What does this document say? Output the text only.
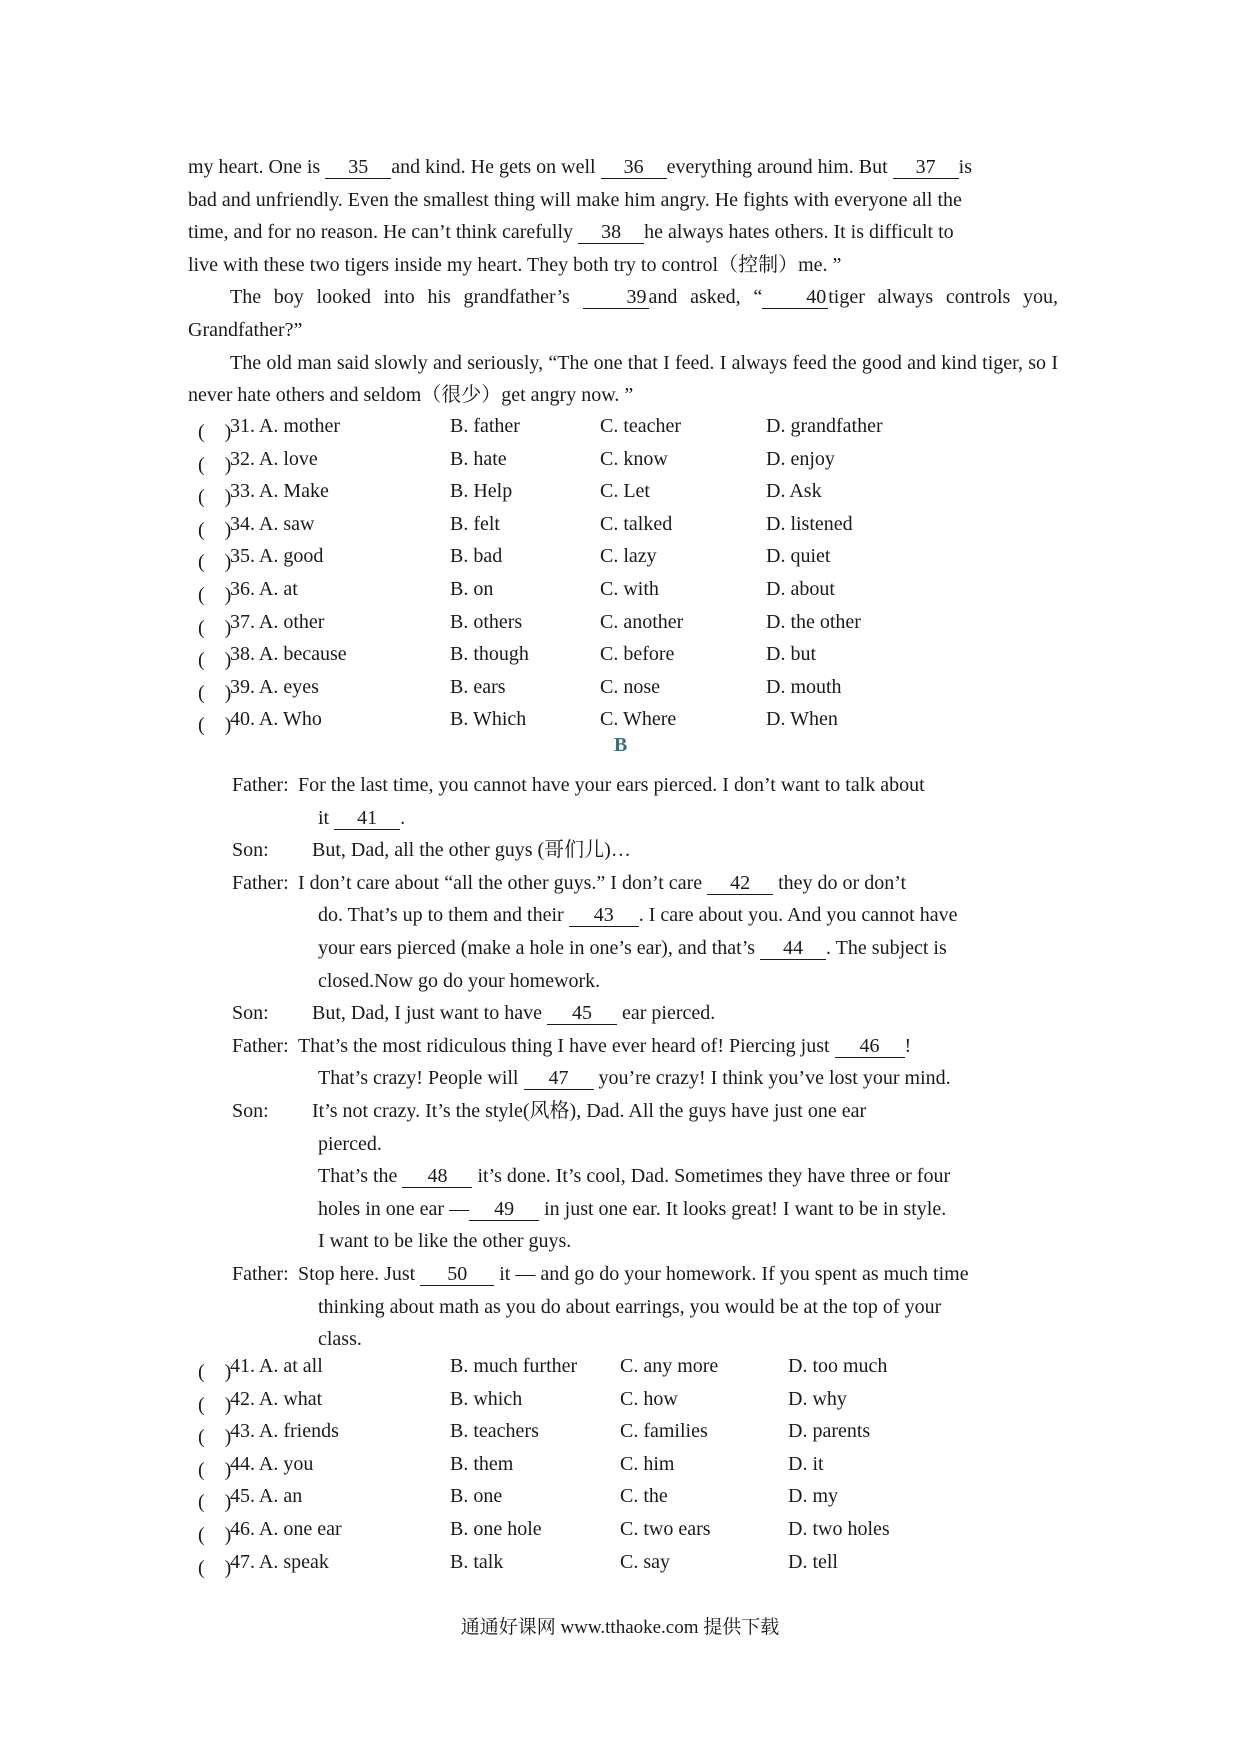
my heart. One is 35 and kind. He gets on well 36 everything around him. But 37 is

bad and unfriendly. Even the smallest thing will make him angry. He fights with everyone all the

time, and for no reason. He can’t think carefully 38 he always hates others. It is difficult to

live with these two tigers inside my heart. They both try to control（控制）me. ”

The boy looked into his grandfather’s 39 and asked, “ 40 tiger always controls you, Grandfather?”

The old man said slowly and seriously, “The one that I feed. I always feed the good and kind tiger, so I never hate others and seldom（很少）get angry now. ”

(　)
31. A. mother	B. father	C. teacher	D. grandfather
(　)
32. A. love	B. hate	C. know	D. enjoy
(　)
33. A. Make	B. Help	C. Let	D. Ask
(　)
34. A. saw	B. felt	C. talked	D. listened
(　)
35. A. good	B. bad	C. lazy	D. quiet
(　)
36. A. at	B. on	C. with	D. about
(　)
37. A. other	B. others	C. another	D. the other
(　)
38. A. because	B. though	C. before	D. but
(　)
39. A. eyes	B. ears	C. nose	D. mouth
(　)
40. A. Who	B. Which	C. Where	D. When
B
Father: For the last time, you cannot have your ears pierced. I don’t want to talk about
it 41 .
Son: But, Dad, all the other guys (哥们儿)…
Father: I don’t care about “all the other guys.” I don’t care 42 they do or don’t
do. That’s up to them and their 43 . I care about you. And you cannot have
your ears pierced (make a hole in one’s ear), and that’s 44 . The subject is
closed.Now go do your homework.
Son: But, Dad, I just want to have 45 ear pierced.
Father: That’s the most ridiculous thing I have ever heard of! Piercing just 46 !
That’s crazy! People will 47 you’re crazy! I think you’ve lost your mind.
Son: It’s not crazy. It’s the style(风格), Dad. All the guys have just one ear
pierced.
That’s the 48 it’s done. It’s cool, Dad. Sometimes they have three or four
holes in one ear — 49 in just one ear. It looks great! I want to be in style.
I want to be like the other guys.
Father: Stop here. Just 50 it — and go do your homework. If you spent as much time
thinking about math as you do about earrings, you would be at the top of your
class.
(　)
41. A. at all	B. much further C. any more	D. too much
(　)
42. A. what	B. which	C. how	D. why
(　)
43. A. friends	B. teachers	C. families	D. parents
(　)
44. A. you	B. them	C. him	D. it
(　)
45. A. an	B. one	C. the	D. my
(　)
46. A. one ear	B. one hole	C. two ears	D. two holes
(　)
47. A. speak	B. talk	C. say	D. tell
通通好课网 www.tthaoke.com 提供下载
